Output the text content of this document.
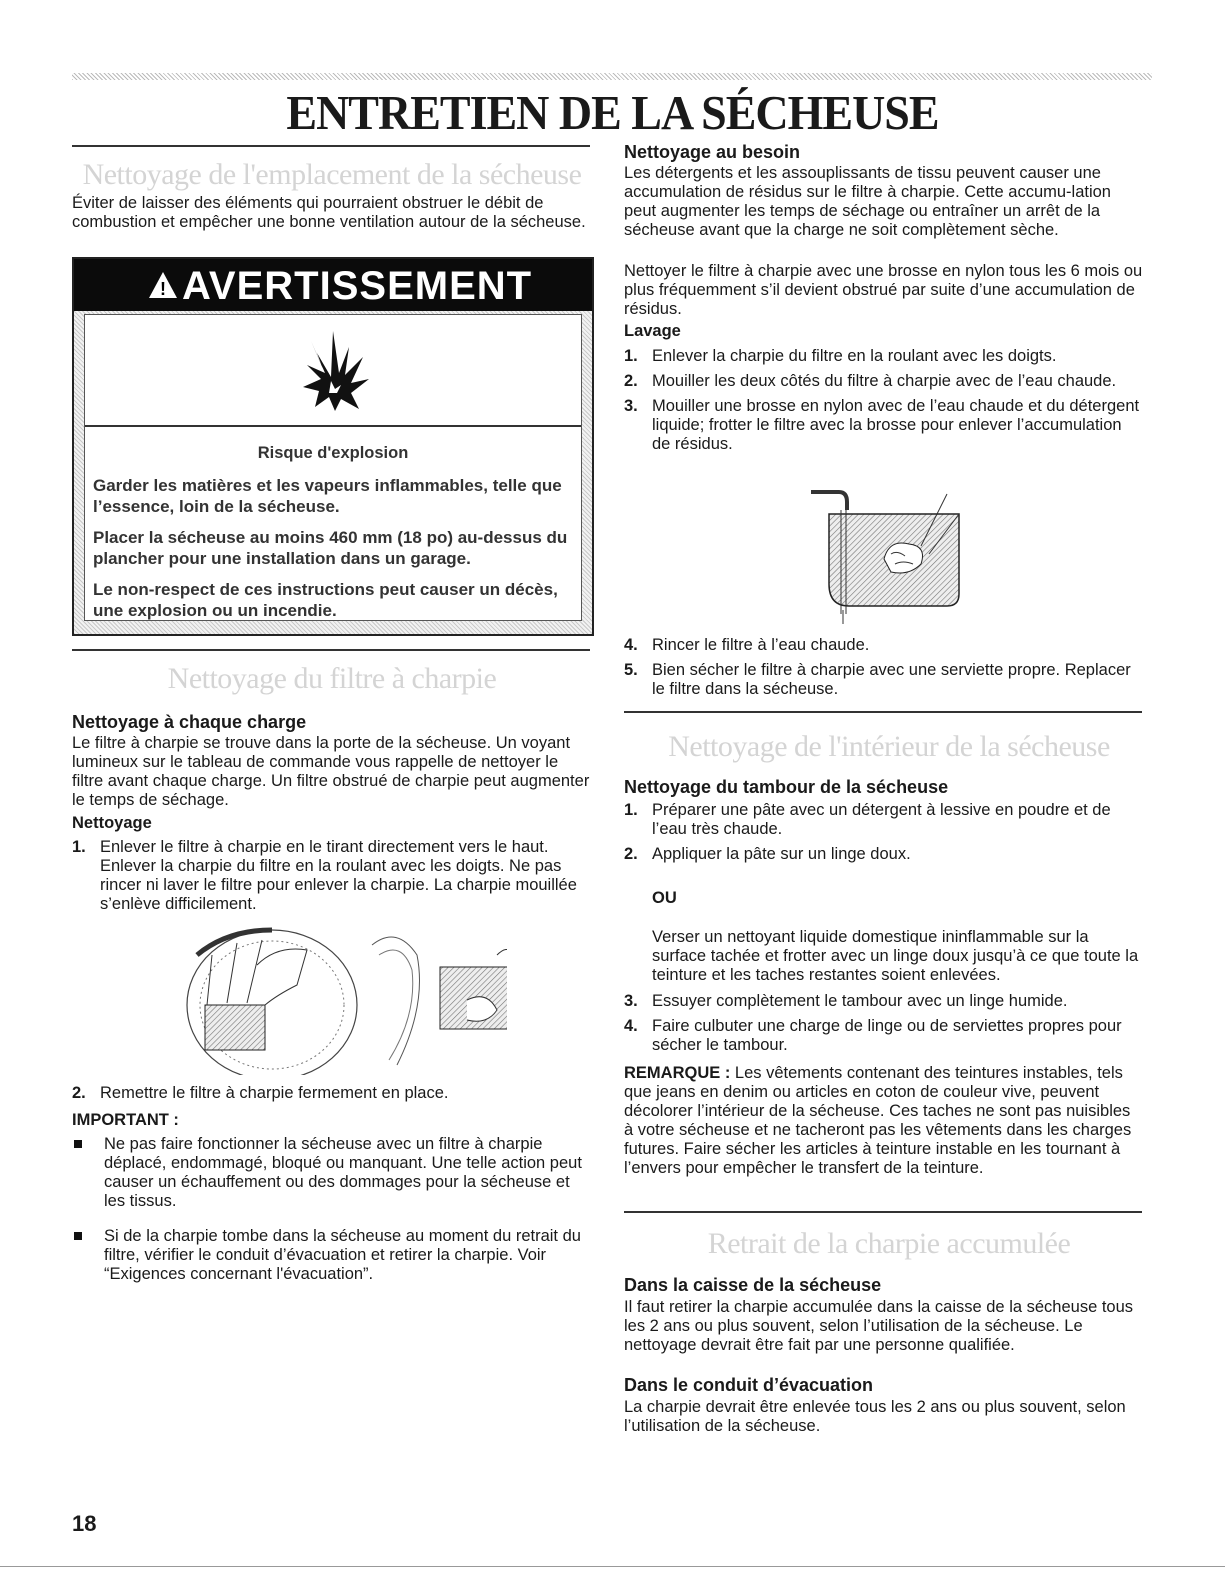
ENTRETIEN DE LA SÉCHEUSE
Nettoyage de l'emplacement de la sécheuse

Éviter de laisser des éléments qui pourraient obstruer le débit de combustion et empêcher une bonne ventilation autour de la sécheuse.

! AVERTISSEMENT
Risque d'explosion

Garder les matières et les vapeurs inflammables, telle que l’essence, loin de la sécheuse.

Placer la sécheuse au moins 460 mm (18 po) au-dessus du plancher pour une installation dans un garage.

Le non-respect de ces instructions peut causer un décès, une explosion ou un incendie.

Nettoyage du filtre à charpie
Nettoyage à chaque charge

Le filtre à charpie se trouve dans la porte de la sécheuse. Un voyant lumineux sur le tableau de commande vous rappelle de nettoyer le filtre avant chaque charge. Un filtre obstrué de charpie peut augmenter le temps de séchage.

Nettoyage
1. Enlever le filtre à charpie en le tirant directement vers le haut. Enlever la charpie du filtre en la roulant avec les doigts. Ne pas rincer ni laver le filtre pour enlever la charpie. La charpie mouillée s’enlève difficilement.
2. Remettre le filtre à charpie fermement en place.
IMPORTANT :
Ne pas faire fonctionner la sécheuse avec un filtre à charpie déplacé, endommagé, bloqué ou manquant. Une telle action peut causer un échauffement ou des dommages pour la sécheuse et les tissus.
Si de la charpie tombe dans la sécheuse au moment du retrait du filtre, vérifier le conduit d’évacuation et retirer la charpie. Voir “Exigences concernant l'évacuation”.
Nettoyage au besoin

Les détergents et les assouplissants de tissu peuvent causer une accumulation de résidus sur le filtre à charpie. Cette accumu-lation peut augmenter les temps de séchage ou entraîner un arrêt de la sécheuse avant que la charge ne soit complètement sèche.

Nettoyer le filtre à charpie avec une brosse en nylon tous les 6 mois ou plus fréquemment s’il devient obstrué par suite d’une accumulation de résidus.

Lavage
1. Enlever la charpie du filtre en la roulant avec les doigts.
2. Mouiller les deux côtés du filtre à charpie avec de l’eau chaude.
3. Mouiller une brosse en nylon avec de l’eau chaude et du détergent liquide; frotter le filtre avec la brosse pour enlever l’accumulation de résidus.
4. Rincer le filtre à l’eau chaude.
5. Bien sécher le filtre à charpie avec une serviette propre. Replacer le filtre dans la sécheuse.
Nettoyage de l'intérieur de la sécheuse
Nettoyage du tambour de la sécheuse
1. Préparer une pâte avec un détergent à lessive en poudre et de l’eau très chaude.
2. Appliquer la pâte sur un linge doux.
OU

Verser un nettoyant liquide domestique ininflammable sur la surface tachée et frotter avec un linge doux jusqu’à ce que toute la teinture et les taches restantes soient enlevées.

3. Essuyer complètement le tambour avec un linge humide.
4. Faire culbuter une charge de linge ou de serviettes propres pour sécher le tambour.

REMARQUE : Les vêtements contenant des teintures instables, tels que jeans en denim ou articles en coton de couleur vive, peuvent décolorer l’intérieur de la sécheuse. Ces taches ne sont pas nuisibles à votre sécheuse et ne tacheront pas les vêtements dans les charges futures. Faire sécher les articles à teinture instable en les tournant à l’envers pour empêcher le transfert de la teinture.

Retrait de la charpie accumulée
Dans la caisse de la sécheuse

Il faut retirer la charpie accumulée dans la caisse de la sécheuse tous les 2 ans ou plus souvent, selon l’utilisation de la sécheuse. Le nettoyage devrait être fait par une personne qualifiée.

Dans le conduit d’évacuation

La charpie devrait être enlevée tous les 2 ans ou plus souvent, selon l’utilisation de la sécheuse.

18
